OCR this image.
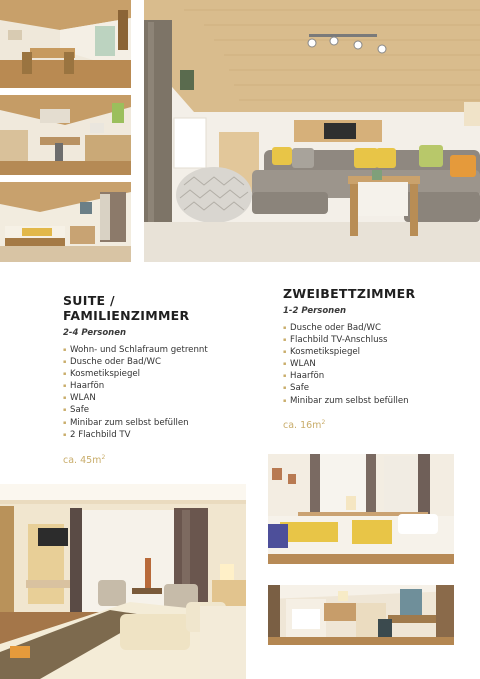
SUITE /
FAMILIENZIMMER

2-4 Personen

▪ Wohn- und Schlafraum getrennt
▪ Dusche oder Bad/WC
▪ Kosmetikspiegel
▪ Haarfön
▪ WLAN
▪ Safe
▪ Minibar zum selbst befüllen
▪ 2 Flachbild TV

ca. $45m^2$

ZWEIBETTZIMMER

1-2 Personen

▪ Dusche oder Bad/WC
▪ Flachbild TV-Anschluss
▪ Kosmetikspiegel
▪ WLAN
▪ Haarfön
▪ Safe
▪ Minibar zum selbst befüllen

ca. $16m^2$
